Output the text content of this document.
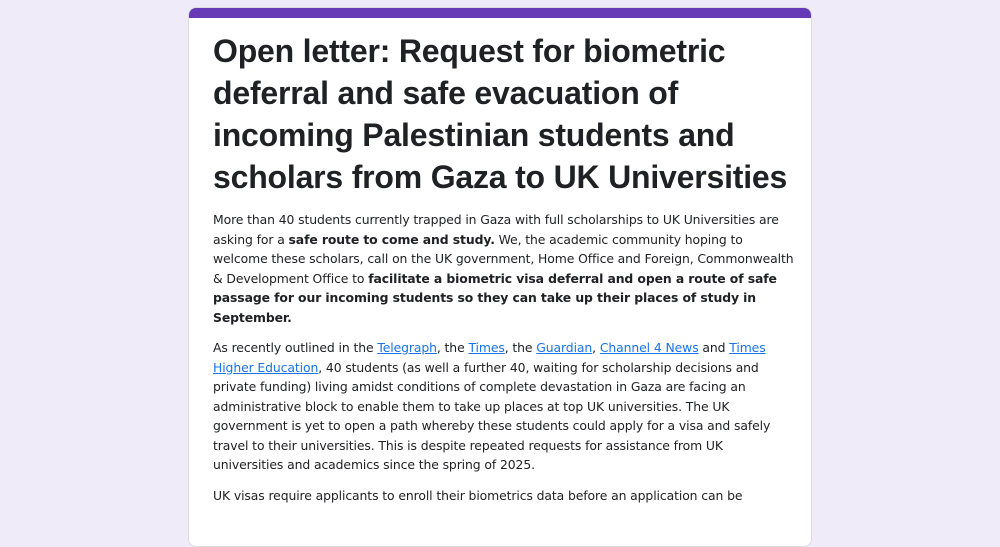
Open letter: Request for biometric deferral and safe evacuation of incoming Palestinian students and scholars from Gaza to UK Universities

More than 40 students currently trapped in Gaza with full scholarships to UK Universities are asking for a safe route to come and study. We, the academic community hoping to welcome these scholars, call on the UK government, Home Office and Foreign, Commonwealth & Development Office to facilitate a biometric visa deferral and open a route of safe passage for our incoming students so they can take up their places of study in September.

As recently outlined in the Telegraph, the Times, the Guardian, Channel 4 News and Times Higher Education, 40 students (as well a further 40, waiting for scholarship decisions and private funding) living amidst conditions of complete devastation in Gaza are facing an administrative block to enable them to take up places at top UK universities. The UK government is yet to open a path whereby these students could apply for a visa and safely travel to their universities. This is despite repeated requests for assistance from UK universities and academics since the spring of 2025.

UK visas require applicants to enroll their biometrics data before an application can be
